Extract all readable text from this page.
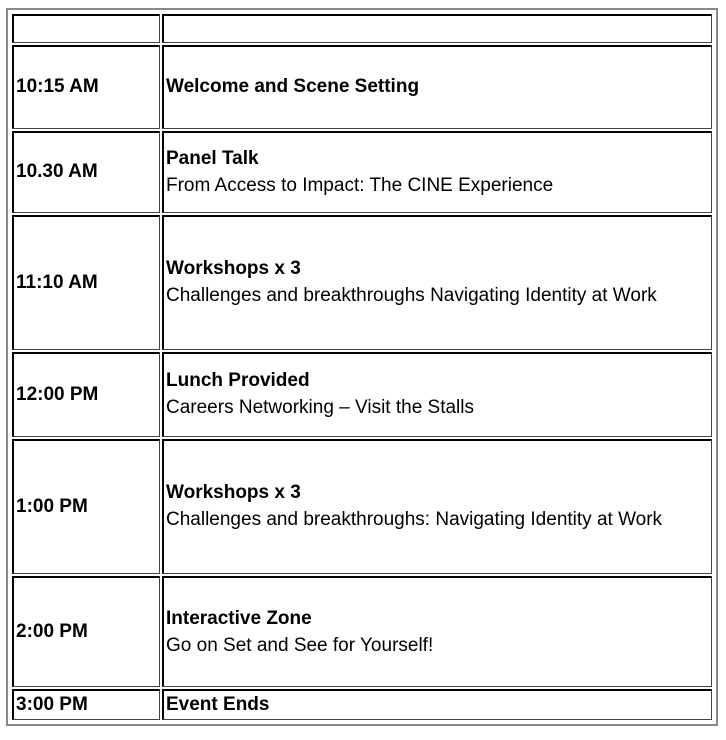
10:15 AM	Welcome and Scene Setting

10.30 AM	Panel Talk
From Access to Impact: The CINE Experience

11:10 AM	Workshops x 3
Challenges and breakthroughs Navigating Identity at Work

12:00 PM	Lunch Provided
Careers Networking – Visit the Stalls

1:00 PM	Workshops x 3
Challenges and breakthroughs: Navigating Identity at Work

2:00 PM	Interactive Zone
Go on Set and See for Yourself!

3:00 PM	Event Ends
